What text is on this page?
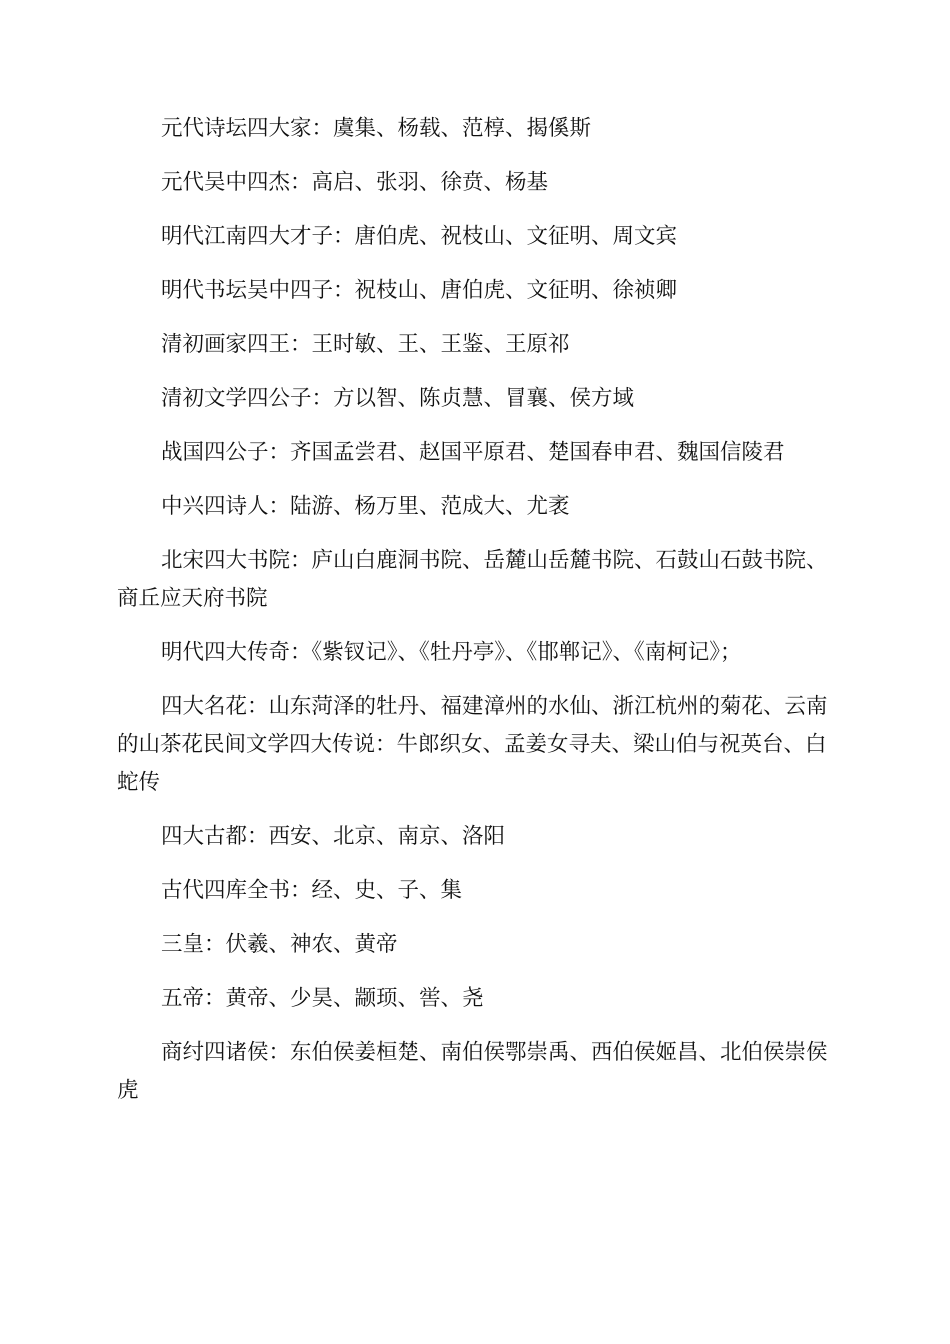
元代诗坛四大家：虞集、杨载、范椁、揭傒斯

元代吴中四杰：高启、张羽、徐贲、杨基

明代江南四大才子：唐伯虎、祝枝山、文征明、周文宾

明代书坛吴中四子：祝枝山、唐伯虎、文征明、徐祯卿

清初画家四王：王时敏、王、王鉴、王原祁

清初文学四公子：方以智、陈贞慧、冒襄、侯方域

战国四公子：齐国孟尝君、赵国平原君、楚国春申君、魏国信陵君

中兴四诗人：陆游、杨万里、范成大、尤袤

北宋四大书院：庐山白鹿洞书院、岳麓山岳麓书院、石鼓山石鼓书院、商丘应天府书院

明代四大传奇：《紫钗记》、《牡丹亭》、《邯郸记》、《南柯记》；

四大名花：山东菏泽的牡丹、福建漳州的水仙、浙江杭州的菊花、云南的山茶花民间文学四大传说：牛郎织女、孟姜女寻夫、梁山伯与祝英台、白蛇传

四大古都：西安、北京、南京、洛阳

古代四库全书：经、史、子、集

三皇：伏羲、神农、黄帝

五帝：黄帝、少昊、颛顼、喾、尧

商纣四诸侯：东伯侯姜桓楚、南伯侯鄂崇禹、西伯侯姬昌、北伯侯崇侯虎
